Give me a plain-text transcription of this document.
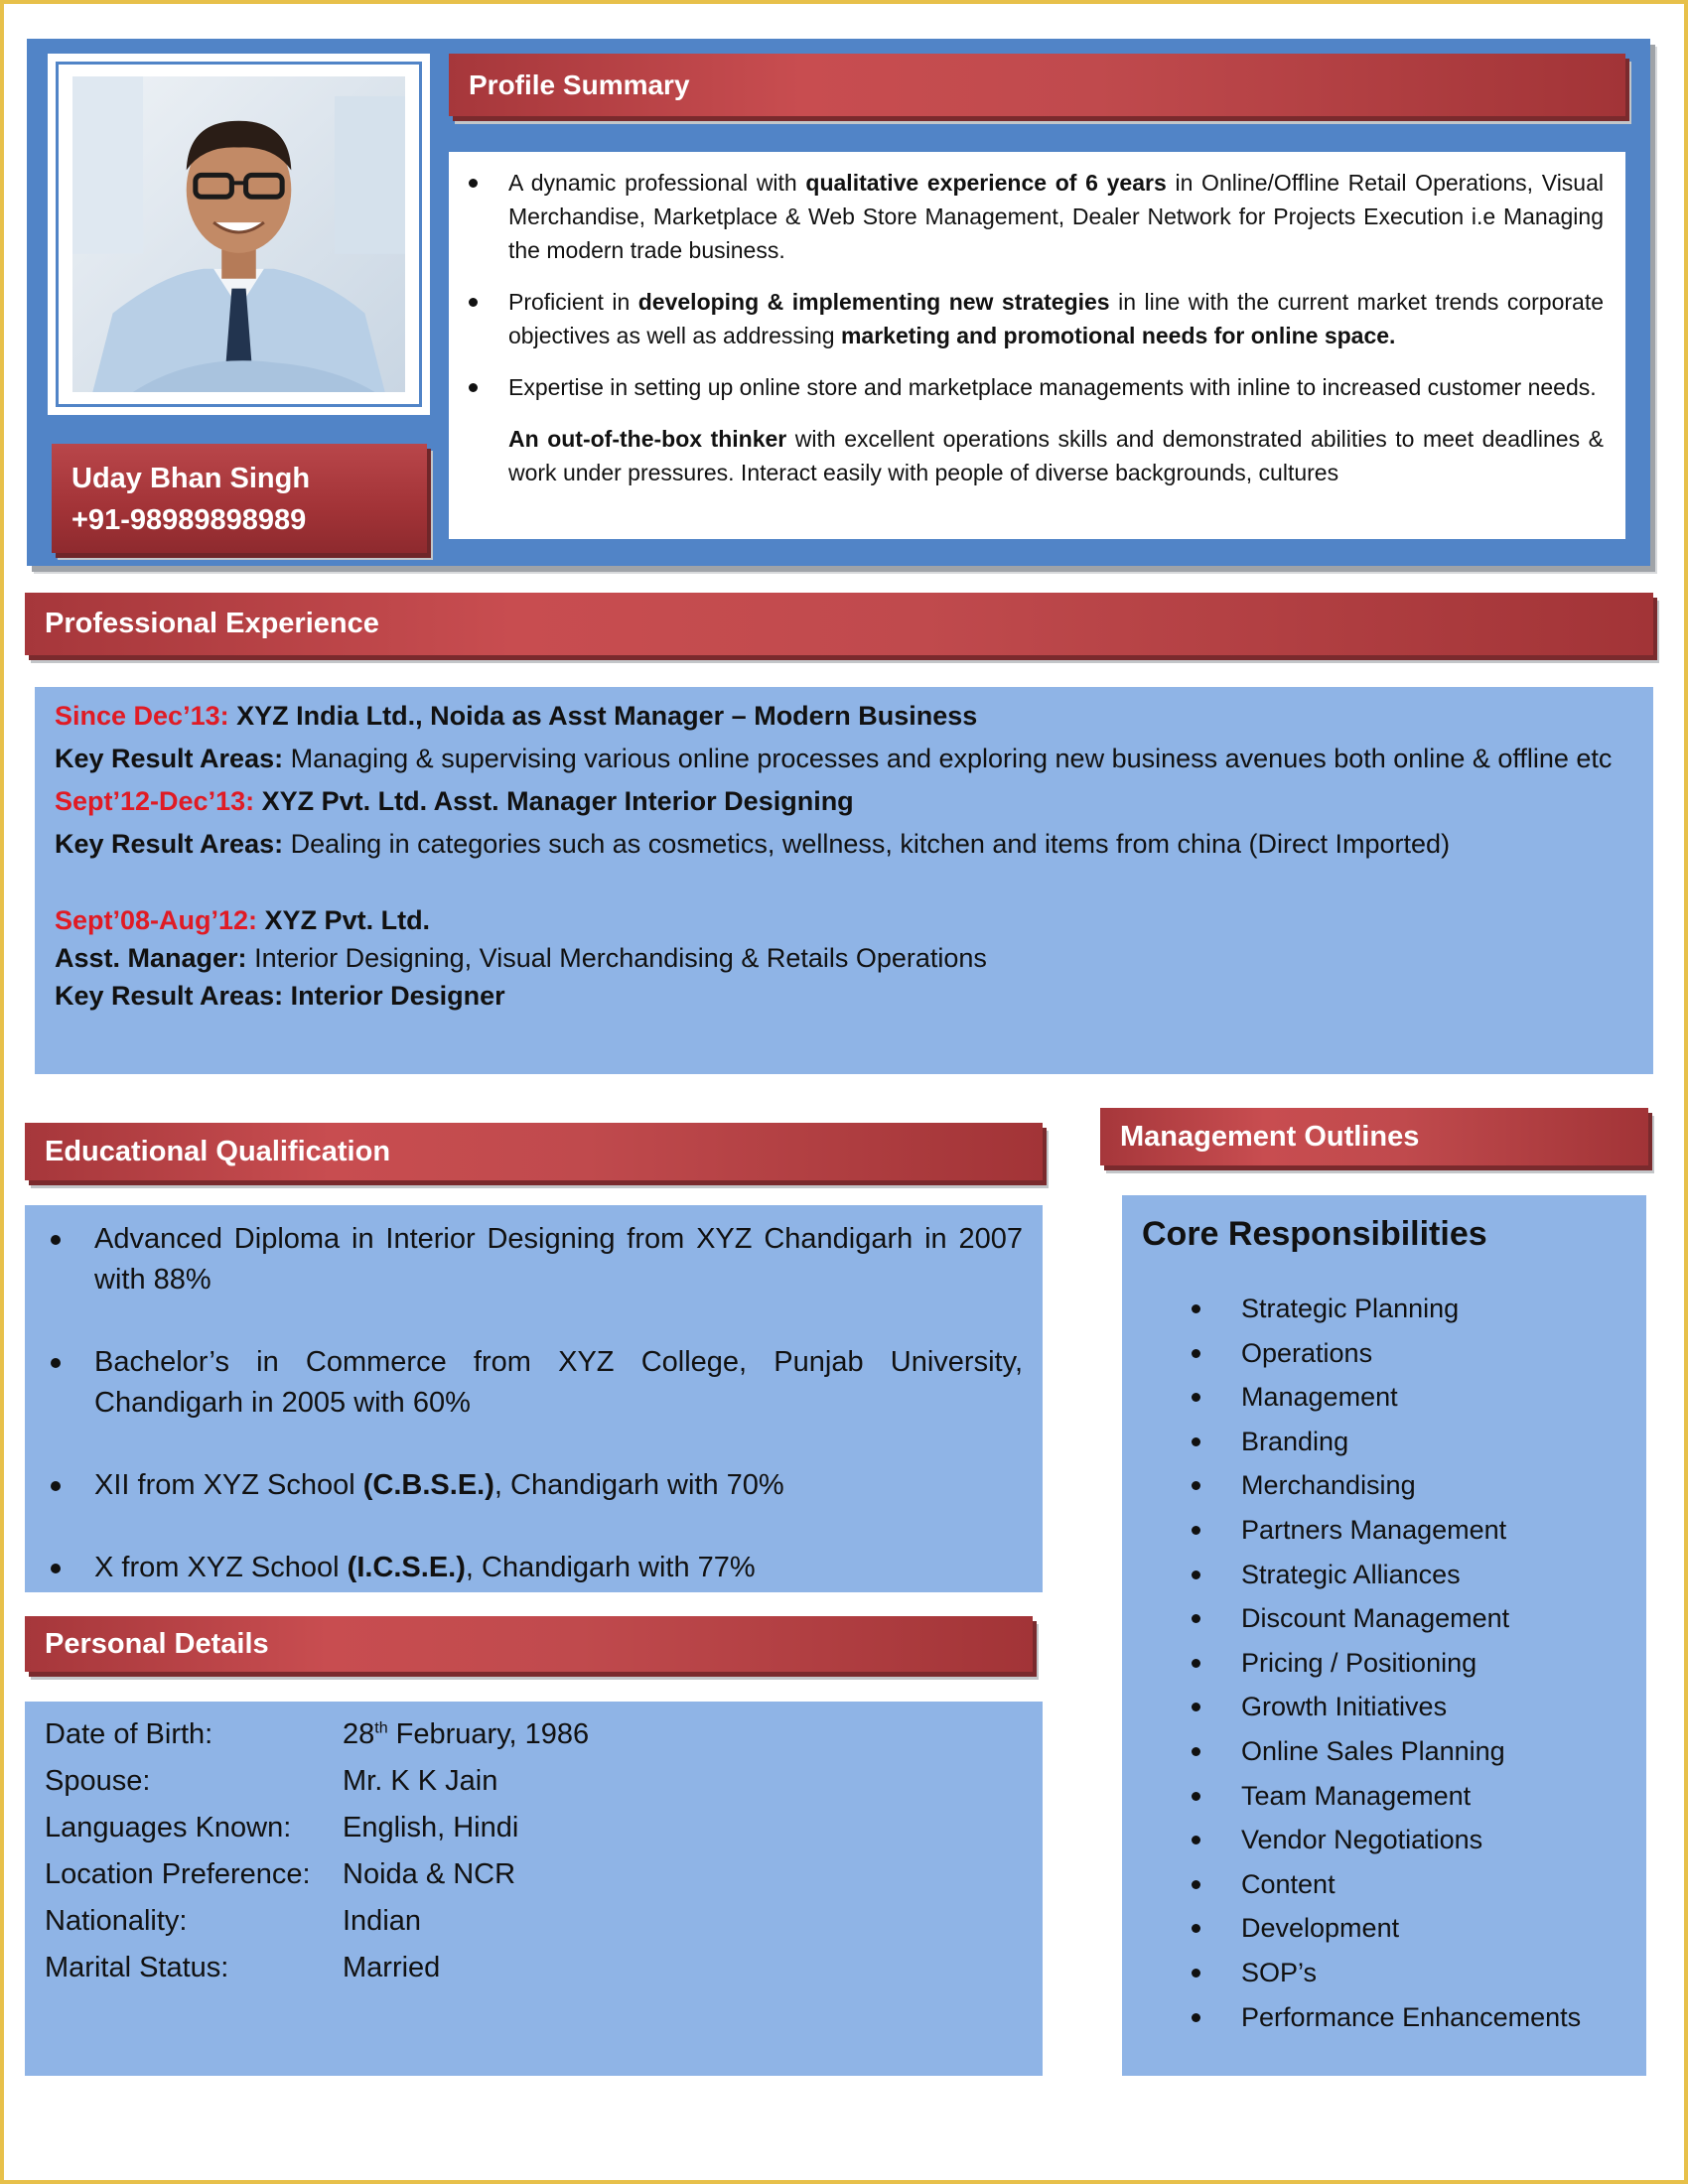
Uday Bhan Singh
+91-98989898989
Profile Summary
A dynamic professional with qualitative experience of 6 years in Online/Offline Retail Operations, Visual Merchandise, Marketplace & Web Store Management, Dealer Network for Projects Execution i.e Managing the modern trade business.
Proficient in developing & implementing new strategies in line with the current market trends corporate objectives as well as addressing marketing and promotional needs for online space.
Expertise in setting up online store and marketplace managements with inline to increased customer needs.
An out-of-the-box thinker with excellent operations skills and demonstrated abilities to meet deadlines & work under pressures. Interact easily with people of diverse backgrounds, cultures
Professional Experience
Since Dec’13: XYZ India Ltd., Noida as Asst Manager – Modern Business
Key Result Areas: Managing & supervising various online processes and exploring new business avenues both online & offline etc
Sept’12-Dec’13: XYZ Pvt. Ltd. Asst. Manager Interior Designing
Key Result Areas: Dealing in categories such as cosmetics, wellness, kitchen and items from china (Direct Imported)
Sept’08-Aug’12: XYZ Pvt. Ltd.
Asst. Manager: Interior Designing, Visual Merchandising & Retails Operations
Key Result Areas: Interior Designer
Educational Qualification
Advanced Diploma in Interior Designing from XYZ Chandigarh in 2007 with 88%
Bachelor’s in Commerce from XYZ College, Punjab University, Chandigarh in 2005 with 60%
XII from XYZ School (C.B.S.E.), Chandigarh with 70%
X from XYZ School (I.C.S.E.), Chandigarh with 77%
Personal Details
Date of Birth:	28th February, 1986
Spouse:	Mr. K K Jain
Languages Known:	English, Hindi
Location Preference:	Noida & NCR
Nationality:	Indian
Marital Status:	Married
Management Outlines
Core Responsibilities
Strategic Planning
Operations
Management
Branding
Merchandising
Partners Management
Strategic Alliances
Discount Management
Pricing / Positioning
Growth Initiatives
Online Sales Planning
Team Management
Vendor Negotiations
Content
Development
SOP’s
Performance Enhancements
